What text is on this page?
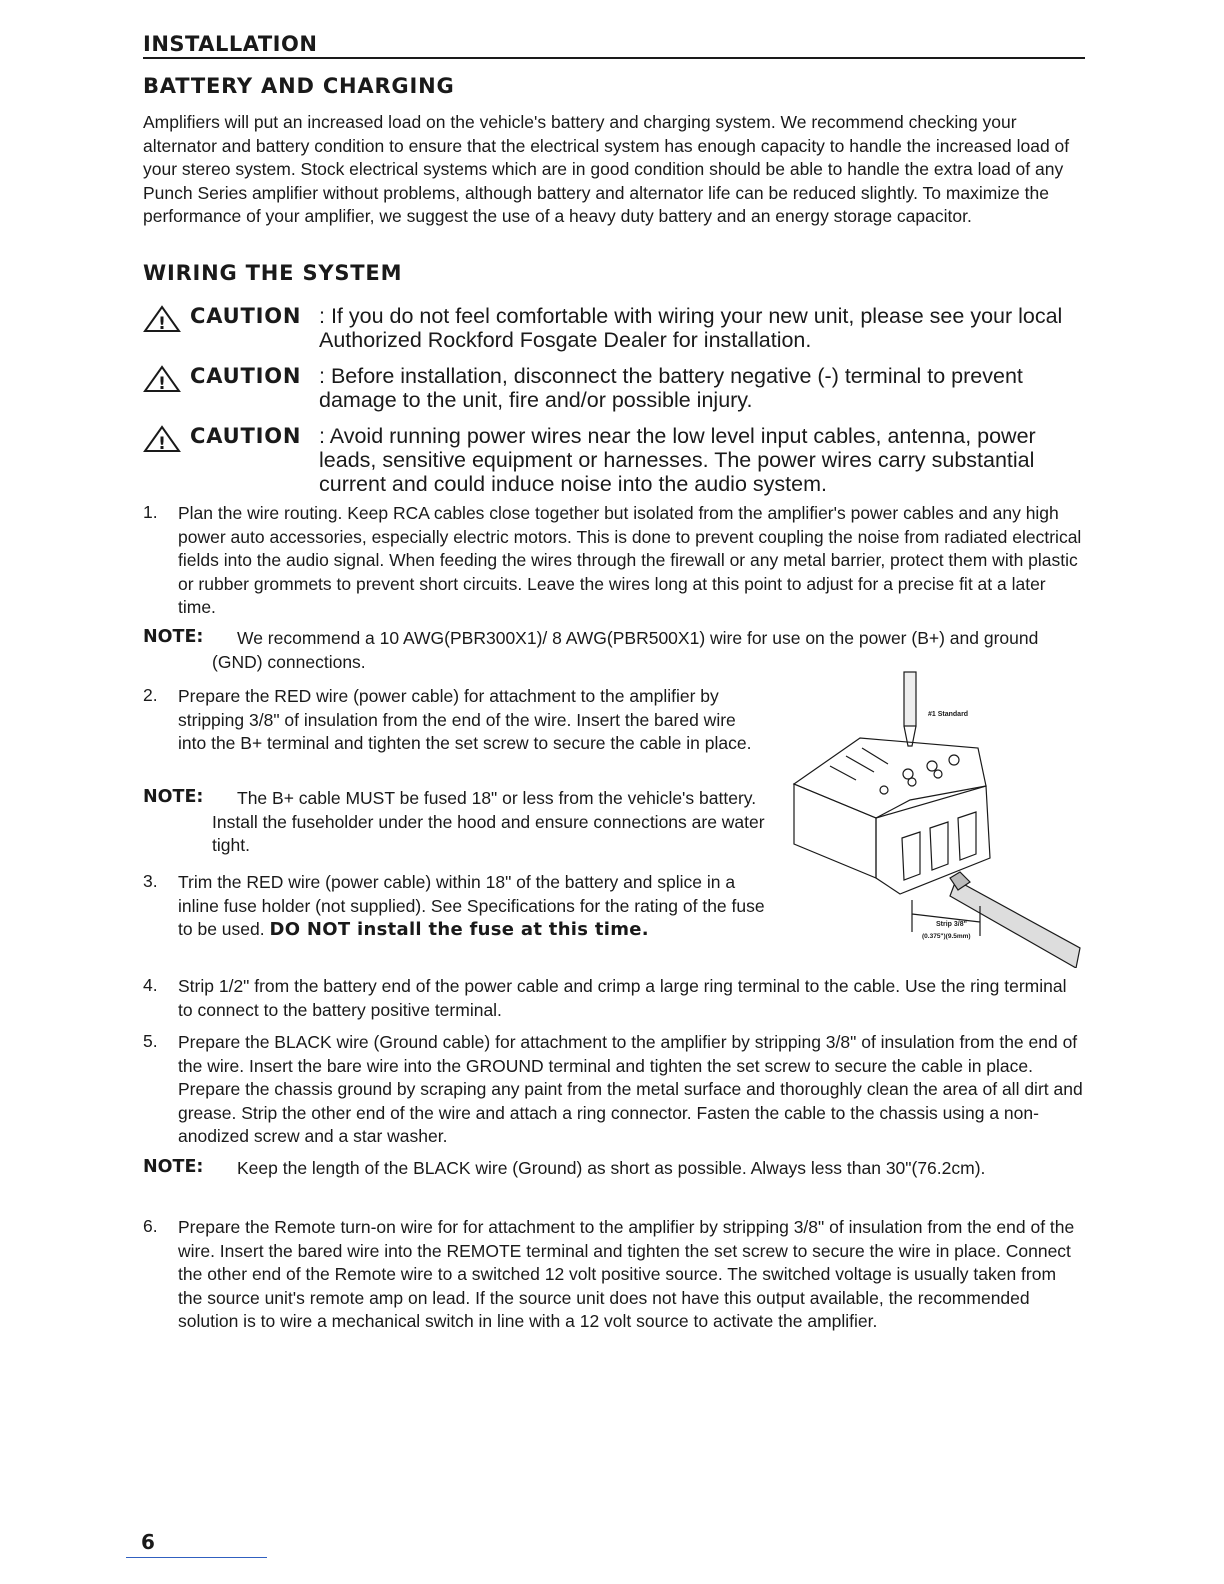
INSTALLATION
BATTERY AND CHARGING

Amplifiers will put an increased load on the vehicle's battery and charging system. We recommend checking your alternator and battery condition to ensure that the electrical system has enough capacity to handle the increased load of your stereo system. Stock electrical systems which are in good condition should be able to handle the extra load of any Punch Series amplifier without problems, although battery and alternator life can be reduced slightly. To maximize the performance of your amplifier, we suggest the use of a heavy duty battery and an energy storage capacitor.

WIRING THE SYSTEM
! CAUTION : If you do not feel comfortable with wiring your new unit, please see your local Authorized Rockford Fosgate Dealer for installation.
! CAUTION : Before installation, disconnect the battery negative (-) terminal to prevent damage to the unit, fire and/or possible injury.
! CAUTION : Avoid running power wires near the low level input cables, antenna, power leads, sensitive equipment or harnesses. The power wires carry substantial current and could induce noise into the audio system.
1. Plan the wire routing. Keep RCA cables close together but isolated from the amplifier's power cables and any high power auto accessories, especially electric motors. This is done to prevent coupling the noise from radiated electrical fields into the audio signal. When feeding the wires through the firewall or any metal barrier, protect them with plastic or rubber grommets to prevent short circuits. Leave the wires long at this point to adjust for a precise fit at a later time.
NOTE:	We recommend a 10 AWG(PBR300X1)/ 8 AWG(PBR500X1) wire for use on the power (B+) and ground (GND) connections.
2. Prepare the RED wire (power cable) for attachment to the amplifier by stripping 3/8" of insulation from the end of the wire. Insert the bared wire into the B+ terminal and tighten the set screw to secure the cable in place.
NOTE:	The B+ cable MUST be fused 18" or less from the vehicle's battery. Install the fuseholder under the hood and ensure connections are water tight.
3. Trim the RED wire (power cable) within 18" of the battery and splice in a inline fuse holder (not supplied). See Specifications for the rating of the fuse to be used. DO NOT install the fuse at this time.
4. Strip 1/2" from the battery end of the power cable and crimp a large ring terminal to the cable. Use the ring terminal to connect to the battery positive terminal.
5. Prepare the BLACK wire (Ground cable) for attachment to the amplifier by stripping 3/8" of insulation from the end of the wire. Insert the bare wire into the GROUND terminal and tighten the set screw to secure the cable in place. Prepare the chassis ground by scraping any paint from the metal surface and thoroughly clean the area of all dirt and grease. Strip the other end of the wire and attach a ring connector. Fasten the cable to the chassis using a non-anodized screw and a star washer.
NOTE:	Keep the length of the BLACK wire (Ground) as short as possible. Always less than 30"(76.2cm).
6. Prepare the Remote turn-on wire for for attachment to the amplifier by stripping 3/8" of insulation from the end of the wire. Insert the bared wire into the REMOTE terminal and tighten the set screw to secure the wire in place. Connect the other end of the Remote wire to a switched 12 volt positive source. The switched voltage is usually taken from the source unit's remote amp on lead. If the source unit does not have this output available, the recommended solution is to wire a mechanical switch in line with a 12 volt source to activate the amplifier.
#1 Standard
Strip 3/8"
(0.375")(9.5mm)
6
